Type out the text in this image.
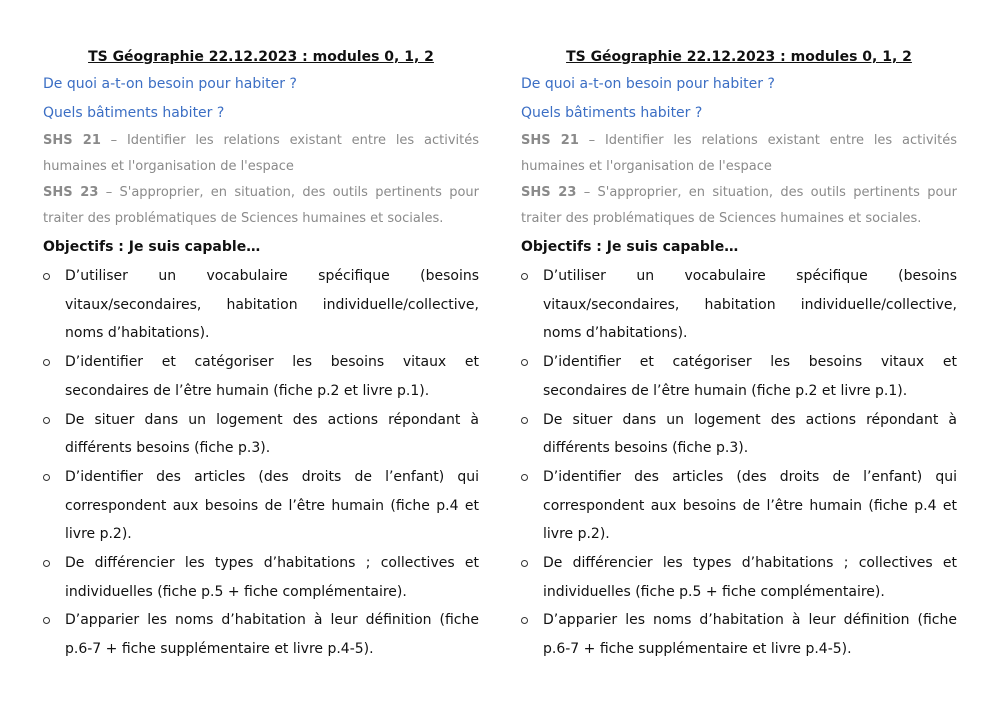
TS Géographie 22.12.2023 : modules 0, 1, 2

De quoi a-t-on besoin pour habiter ?

Quels bâtiments habiter ?

SHS 21 – Identifier les relations existant entre les activités humaines et l'organisation de l'espace

SHS 23 – S'approprier, en situation, des outils pertinents pour traiter des problématiques de Sciences humaines et sociales.

Objectifs : Je suis capable…

D’utiliser un vocabulaire spécifique (besoins vitaux/secondaires, habitation individuelle/collective, noms d’habitations).
D’identifier et catégoriser les besoins vitaux et secondaires de l’être humain (fiche p.2 et livre p.1).
De situer dans un logement des actions répondant à différents besoins (fiche p.3).
D’identifier des articles (des droits de l’enfant) qui correspondent aux besoins de l’être humain (fiche p.4 et livre p.2).
De différencier les types d’habitations ; collectives et individuelles (fiche p.5 + fiche complémentaire).
D’apparier les noms d’habitation à leur définition (fiche p.6-7 + fiche supplémentaire et livre p.4-5).
TS Géographie 22.12.2023 : modules 0, 1, 2

De quoi a-t-on besoin pour habiter ?

Quels bâtiments habiter ?

SHS 21 – Identifier les relations existant entre les activités humaines et l'organisation de l'espace

SHS 23 – S'approprier, en situation, des outils pertinents pour traiter des problématiques de Sciences humaines et sociales.

Objectifs : Je suis capable…

D’utiliser un vocabulaire spécifique (besoins vitaux/secondaires, habitation individuelle/collective, noms d’habitations).
D’identifier et catégoriser les besoins vitaux et secondaires de l’être humain (fiche p.2 et livre p.1).
De situer dans un logement des actions répondant à différents besoins (fiche p.3).
D’identifier des articles (des droits de l’enfant) qui correspondent aux besoins de l’être humain (fiche p.4 et livre p.2).
De différencier les types d’habitations ; collectives et individuelles (fiche p.5 + fiche complémentaire).
D’apparier les noms d’habitation à leur définition (fiche p.6-7 + fiche supplémentaire et livre p.4-5).
